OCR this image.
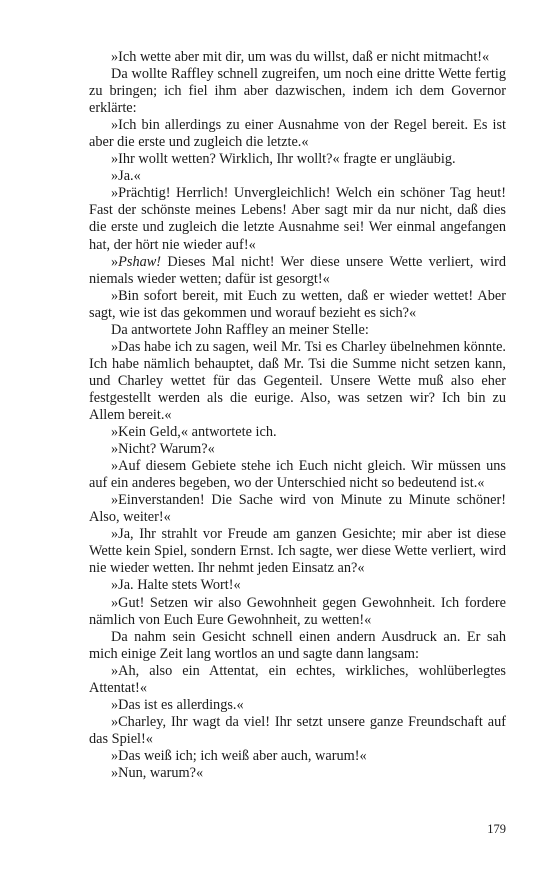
»Ich wette aber mit dir, um was du willst, daß er nicht mitmacht!«

Da wollte Raffley schnell zugreifen, um noch eine dritte Wette fertig zu bringen; ich fiel ihm aber dazwischen, indem ich dem Governor erklärte:

»Ich bin allerdings zu einer Ausnahme von der Regel bereit. Es ist aber die erste und zugleich die letzte.«

»Ihr wollt wetten? Wirklich, Ihr wollt?« fragte er ungläubig.

»Ja.«

»Prächtig! Herrlich! Unvergleichlich! Welch ein schöner Tag heut! Fast der schönste meines Lebens! Aber sagt mir da nur nicht, daß dies die erste und zugleich die letzte Ausnahme sei! Wer einmal angefangen hat, der hört nie wieder auf!«

»Pshaw! Dieses Mal nicht! Wer diese unsere Wette verliert, wird niemals wieder wetten; dafür ist gesorgt!«

»Bin sofort bereit, mit Euch zu wetten, daß er wieder wettet! Aber sagt, wie ist das gekommen und worauf bezieht es sich?«

Da antwortete John Raffley an meiner Stelle:

»Das habe ich zu sagen, weil Mr. Tsi es Charley übelnehmen könnte. Ich habe nämlich behauptet, daß Mr. Tsi die Summe nicht setzen kann, und Charley wettet für das Gegenteil. Unsere Wette muß also eher festgestellt werden als die eurige. Also, was setzen wir? Ich bin zu Allem bereit.«

»Kein Geld,« antwortete ich.

»Nicht? Warum?«

»Auf diesem Gebiete stehe ich Euch nicht gleich. Wir müssen uns auf ein anderes begeben, wo der Unterschied nicht so bedeutend ist.«

»Einverstanden! Die Sache wird von Minute zu Minute schöner! Also, weiter!«

»Ja, Ihr strahlt vor Freude am ganzen Gesichte; mir aber ist diese Wette kein Spiel, sondern Ernst. Ich sagte, wer diese Wette verliert, wird nie wieder wetten. Ihr nehmt jeden Einsatz an?«

»Ja. Halte stets Wort!«

»Gut! Setzen wir also Gewohnheit gegen Gewohnheit. Ich fordere nämlich von Euch Eure Gewohnheit, zu wetten!«

Da nahm sein Gesicht schnell einen andern Ausdruck an. Er sah mich einige Zeit lang wortlos an und sagte dann langsam:

»Ah, also ein Attentat, ein echtes, wirkliches, wohlüberlegtes Attentat!«

»Das ist es allerdings.«

»Charley, Ihr wagt da viel! Ihr setzt unsere ganze Freundschaft auf das Spiel!«

»Das weiß ich; ich weiß aber auch, warum!«

»Nun, warum?«

179
